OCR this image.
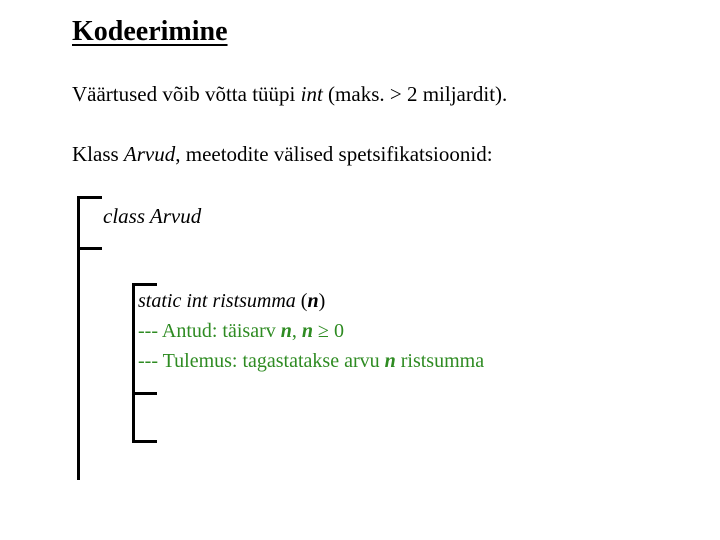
Kodeerimine
Väärtused võib võtta tüüpi int (maks. > 2 miljardit).
Klass Arvud, meetodite välised spetsifikatsioonid:
class Arvud
static int ristsumma (n)
--- Antud: täisarv n, n ≥ 0
--- Tulemus: tagastatakse arvu n ristsumma
